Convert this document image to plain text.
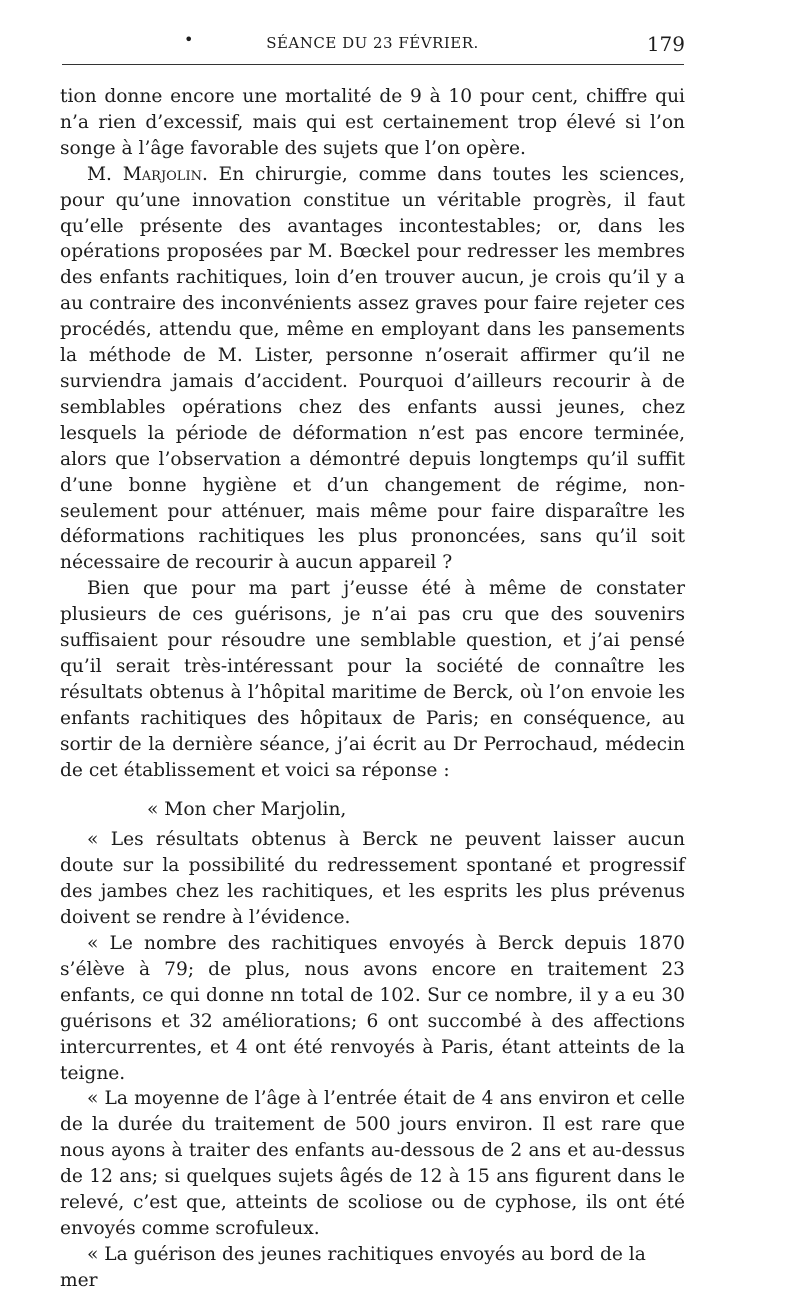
•	SÉANCE DU 23 FÉVRIER.	179

tion donne encore une mortalité de 9 à 10 pour cent, chiffre qui n’a rien d’excessif, mais qui est certainement trop élevé si l’on songe à l’âge favorable des sujets que l’on opère.

M. Marjolin. En chirurgie, comme dans toutes les sciences, pour qu’une innovation constitue un véritable progrès, il faut qu’elle présente des avantages incontestables; or, dans les opérations proposées par M. Bœckel pour redresser les membres des enfants rachitiques, loin d’en trouver aucun, je crois qu’il y a au contraire des inconvénients assez graves pour faire rejeter ces procédés, attendu que, même en employant dans les pansements la méthode de M. Lister, personne n’oserait affirmer qu’il ne surviendra jamais d’accident. Pourquoi d’ailleurs recourir à de semblables opérations chez des enfants aussi jeunes, chez lesquels la période de déformation n’est pas encore terminée, alors que l’observation a démontré depuis longtemps qu’il suffit d’une bonne hygiène et d’un changement de régime, non-seulement pour atténuer, mais même pour faire disparaître les déformations rachitiques les plus prononcées, sans qu’il soit nécessaire de recourir à aucun appareil ?

Bien que pour ma part j’eusse été à même de constater plusieurs de ces guérisons, je n’ai pas cru que des souvenirs suffisaient pour résoudre une semblable question, et j’ai pensé qu’il serait très-intéressant pour la société de connaître les résultats obtenus à l’hôpital maritime de Berck, où l’on envoie les enfants rachitiques des hôpitaux de Paris; en conséquence, au sortir de la dernière séance, j’ai écrit au Dr Perrochaud, médecin de cet établissement et voici sa réponse :

« Mon cher Marjolin,

« Les résultats obtenus à Berck ne peuvent laisser aucun doute sur la possibilité du redressement spontané et progressif des jambes chez les rachitiques, et les esprits les plus prévenus doivent se rendre à l’évidence.

« Le nombre des rachitiques envoyés à Berck depuis 1870 s’élève à 79; de plus, nous avons encore en traitement 23 enfants, ce qui donne nn total de 102. Sur ce nombre, il y a eu 30 guérisons et 32 améliorations; 6 ont succombé à des affections intercurrentes, et 4 ont été renvoyés à Paris, étant atteints de la teigne.

« La moyenne de l’âge à l’entrée était de 4 ans environ et celle de la durée du traitement de 500 jours environ. Il est rare que nous ayons à traiter des enfants au-dessous de 2 ans et au-dessus de 12 ans; si quelques sujets âgés de 12 à 15 ans figurent dans le relevé, c’est que, atteints de scoliose ou de cyphose, ils ont été envoyés comme scrofuleux.

« La guérison des jeunes rachitiques envoyés au bord de la mer
